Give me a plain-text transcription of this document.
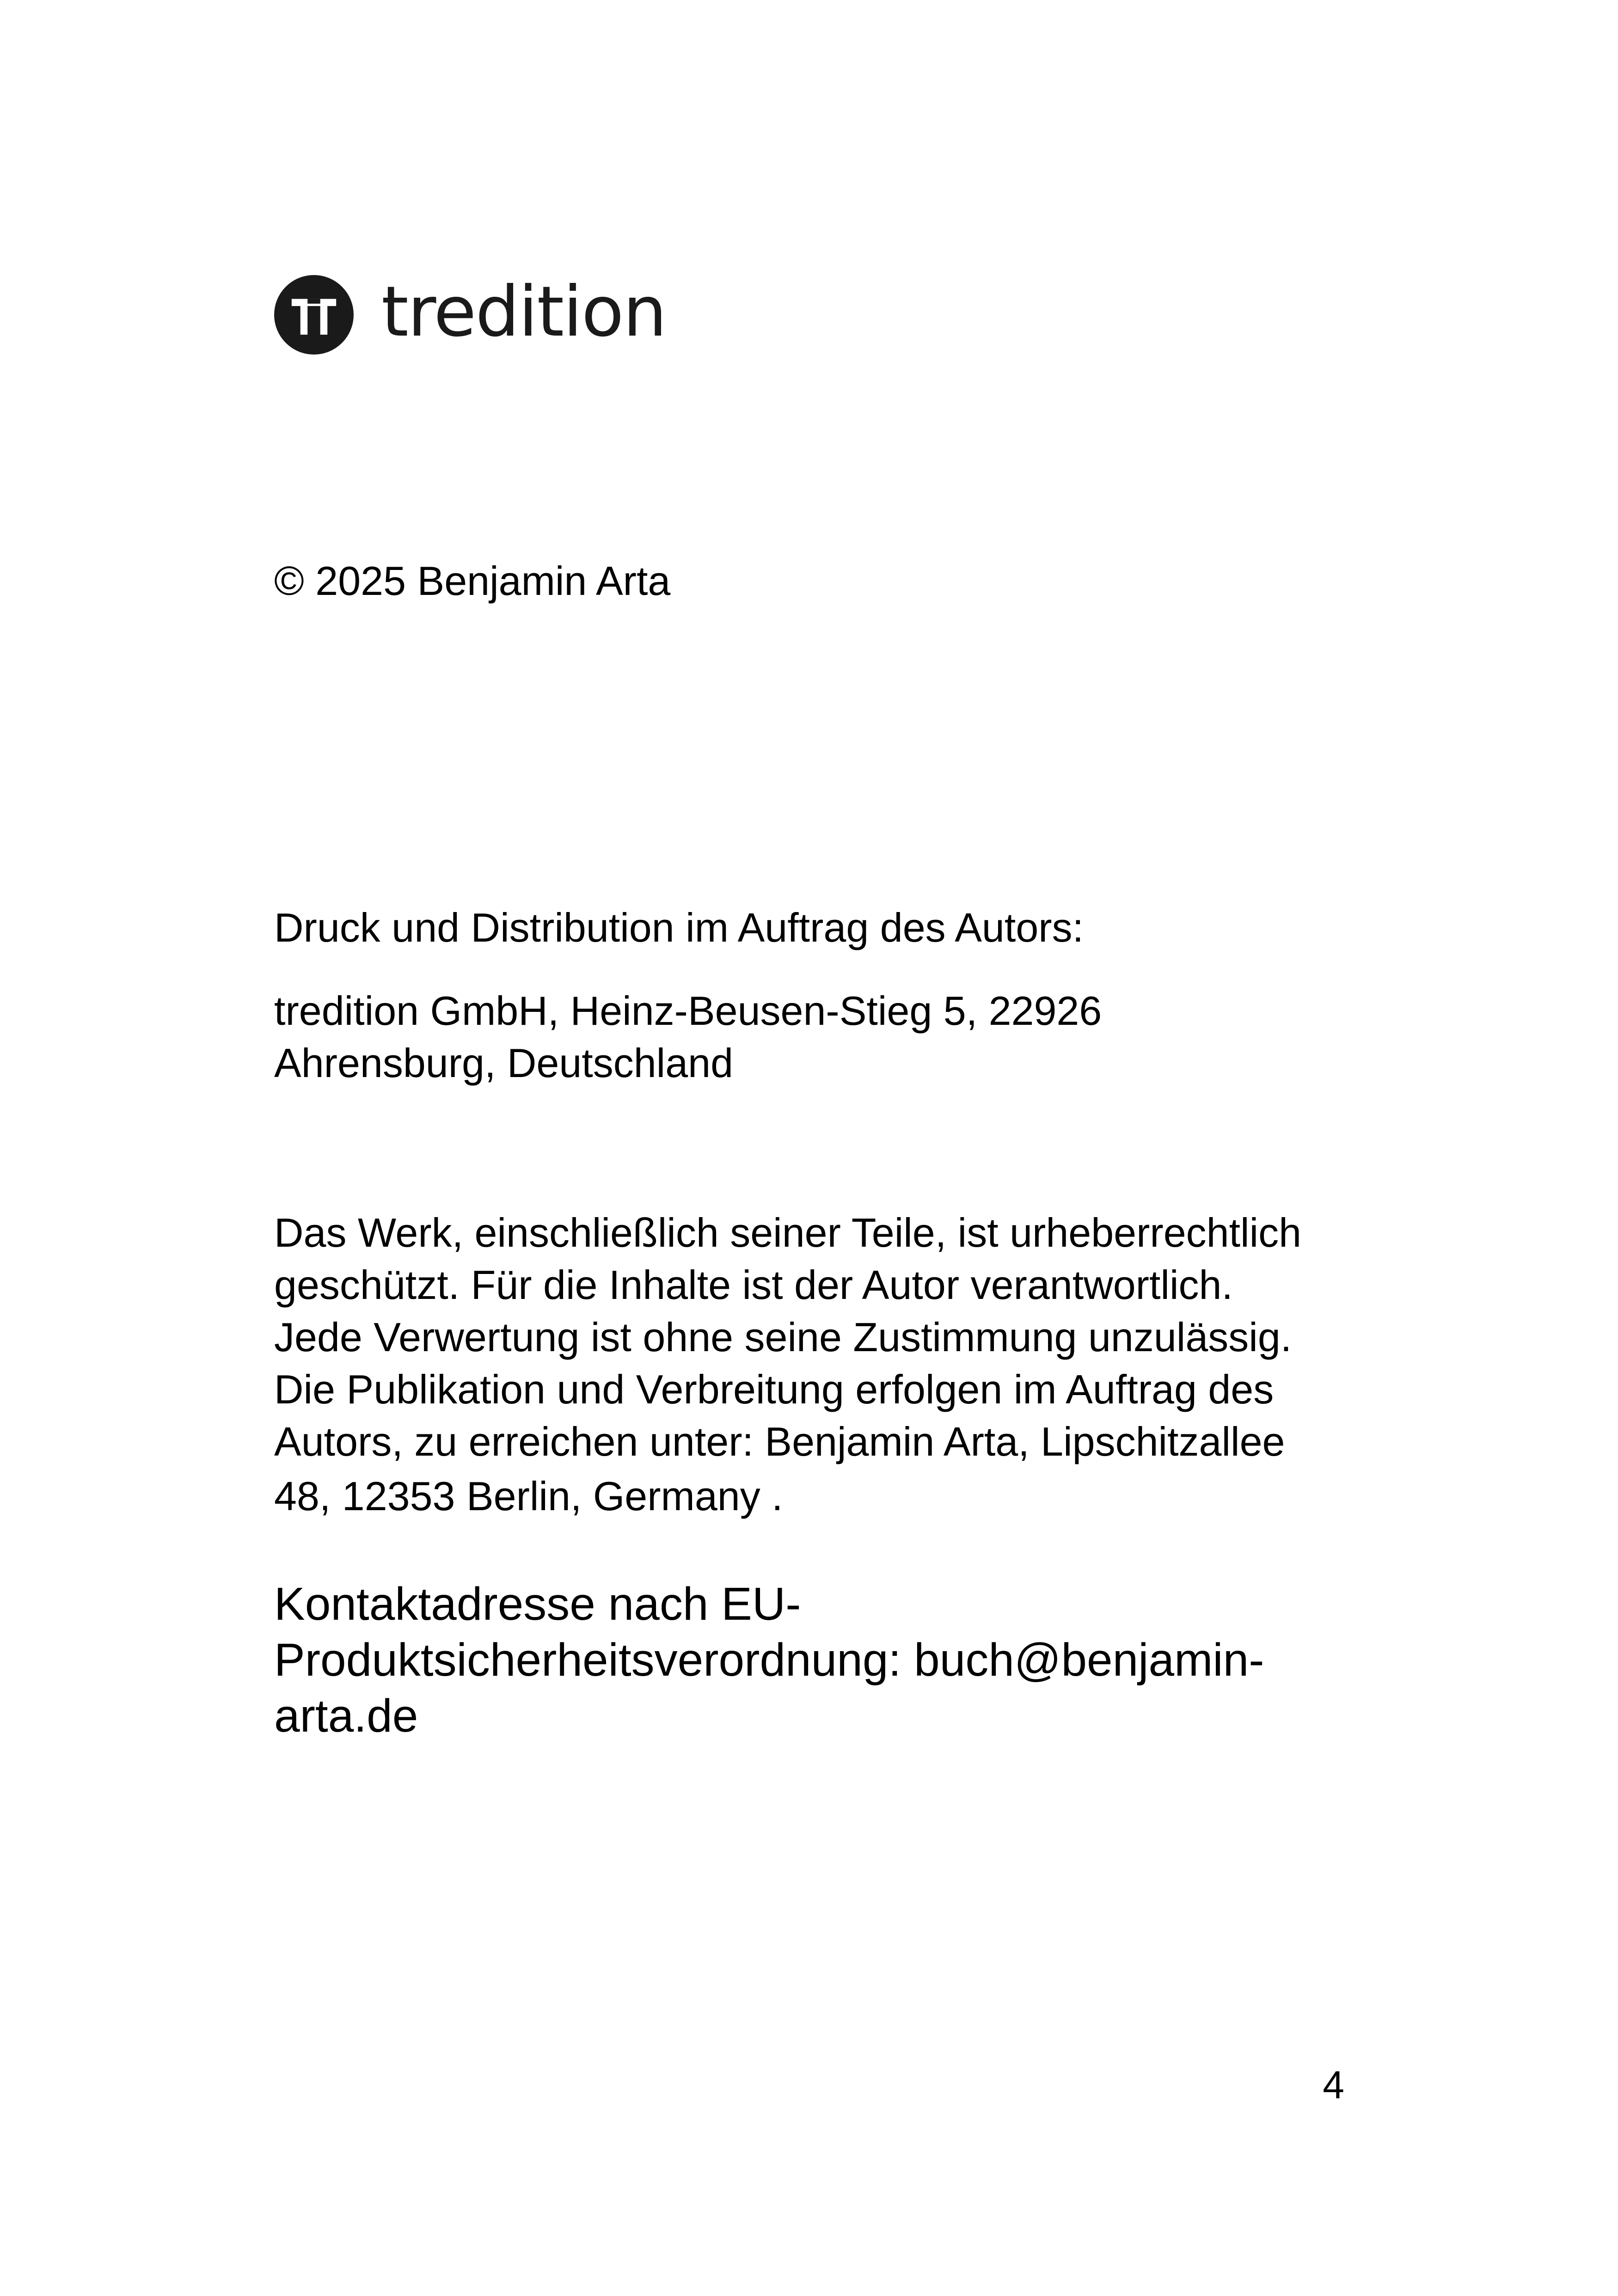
tredition
© 2025 Benjamin Arta
Druck und Distribution im Auftrag des Autors:
tredition GmbH, Heinz-Beusen-Stieg 5, 22926
Ahrensburg, Deutschland
Das Werk, einschließlich seiner Teile, ist urheberrechtlich
geschützt. Für die Inhalte ist der Autor verantwortlich.
Jede Verwertung ist ohne seine Zustimmung unzulässig.
Die Publikation und Verbreitung erfolgen im Auftrag des
Autors, zu erreichen unter: Benjamin Arta, Lipschitzallee
48, 12353 Berlin, Germany .
Kontaktadresse nach EU-
Produktsicherheitsverordnung: buch@benjamin-
arta.de
4
